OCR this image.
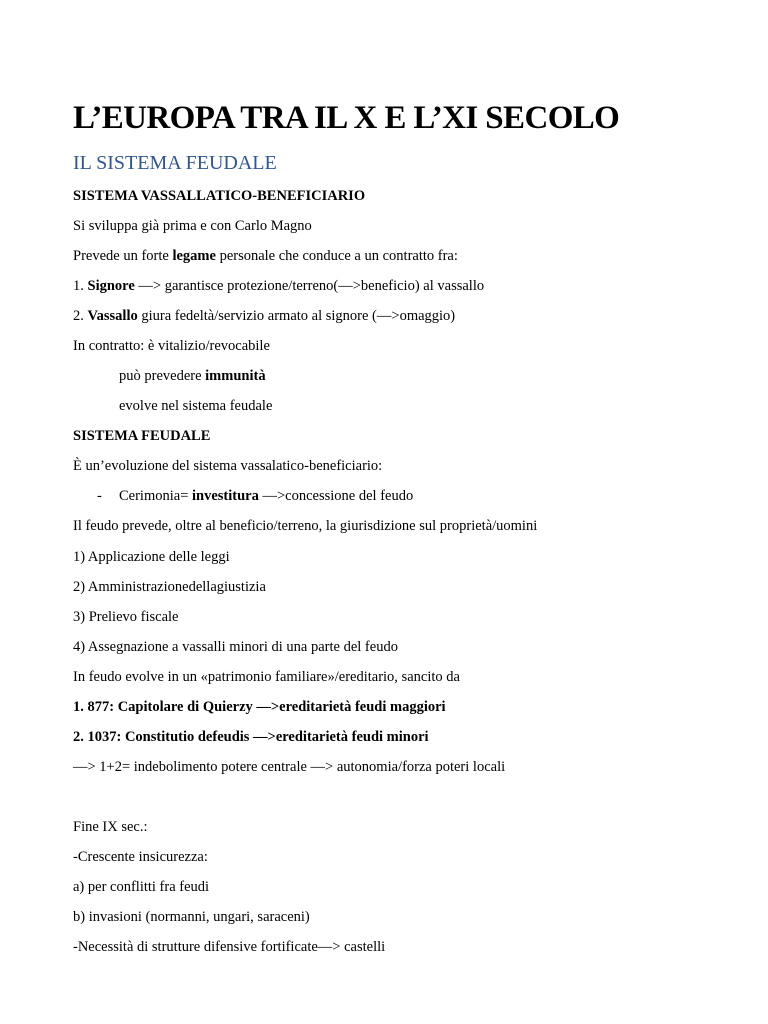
L’EUROPA TRA IL X E L’XI SECOLO
IL SISTEMA FEUDALE
SISTEMA VASSALLATICO-BENEFICIARIO
Si sviluppa già prima e con Carlo Magno
Prevede un forte legame personale che conduce a un contratto fra:
1. Signore —> garantisce protezione/terreno(—>beneficio) al vassallo
2. Vassallo giura fedeltà/servizio armato al signore (—>omaggio)
In contratto: è vitalizio/revocabile
può prevedere immunità
evolve nel sistema feudale
SISTEMA FEUDALE
È un’evoluzione del sistema vassalatico-beneficiario:
- Cerimonia= investitura —>concessione del feudo
Il feudo prevede, oltre al beneficio/terreno, la giurisdizione sul proprietà/uomini
1) Applicazione delle leggi
2) Amministrazionedellagiustizia
3) Prelievo fiscale
4) Assegnazione a vassalli minori di una parte del feudo
In feudo evolve in un «patrimonio familiare»/ereditario, sancito da
1. 877: Capitolare di Quierzy —>ereditarietà feudi maggiori
2. 1037: Constitutio defeudis —>ereditarietà feudi minori
—> 1+2= indebolimento potere centrale —> autonomia/forza poteri locali
Fine IX sec.:
-Crescente insicurezza:
a) per conflitti fra feudi
b) invasioni (normanni, ungari, saraceni)
-Necessità di strutture difensive fortificate—> castelli
